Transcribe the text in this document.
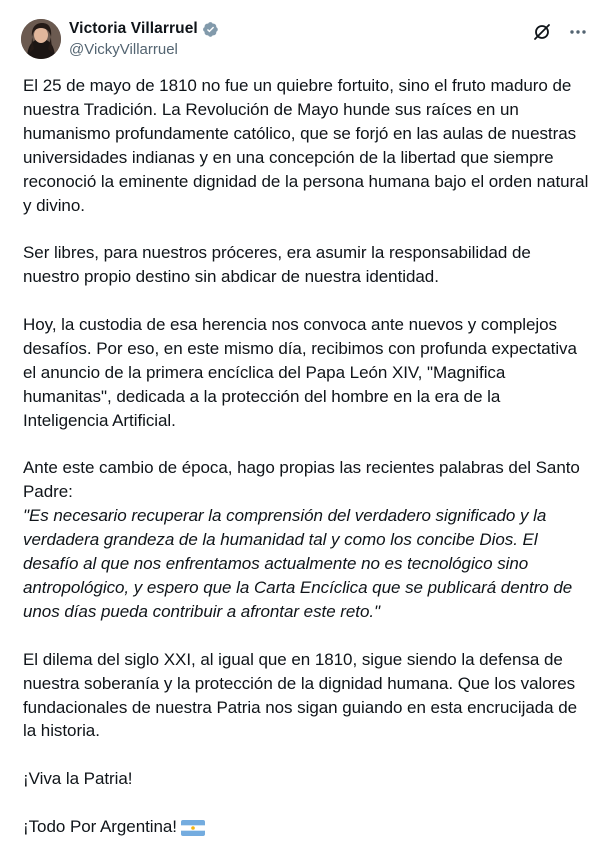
Victoria Villarruel
@VickyVillarruel

El 25 de mayo de 1810 no fue un quiebre fortuito, sino el fruto maduro de nuestra Tradición. La Revolución de Mayo hunde sus raíces en un humanismo profundamente católico, que se forjó en las aulas de nuestras universidades indianas y en una concepción de la libertad que siempre reconoció la eminente dignidad de la persona humana bajo el orden natural y divino.

Ser libres, para nuestros próceres, era asumir la responsabilidad de nuestro propio destino sin abdicar de nuestra identidad.

Hoy, la custodia de esa herencia nos convoca ante nuevos y complejos desafíos. Por eso, en este mismo día, recibimos con profunda expectativa el anuncio de la primera encíclica del Papa León XIV, "Magnifica humanitas", dedicada a la protección del hombre en la era de la Inteligencia Artificial.

Ante este cambio de época, hago propias las recientes palabras del Santo Padre:

"Es necesario recuperar la comprensión del verdadero significado y la verdadera grandeza de la humanidad tal y como los concibe Dios. El desafío al que nos enfrentamos actualmente no es tecnológico sino antropológico, y espero que la Carta Encíclica que se publicará dentro de unos días pueda contribuir a afrontar este reto."

El dilema del siglo XXI, al igual que en 1810, sigue siendo la defensa de nuestra soberanía y la protección de la dignidad humana. Que los valores fundacionales de nuestra Patria nos sigan guiando en esta encrucijada de la historia.

¡Viva la Patria!

¡Todo Por Argentina!
